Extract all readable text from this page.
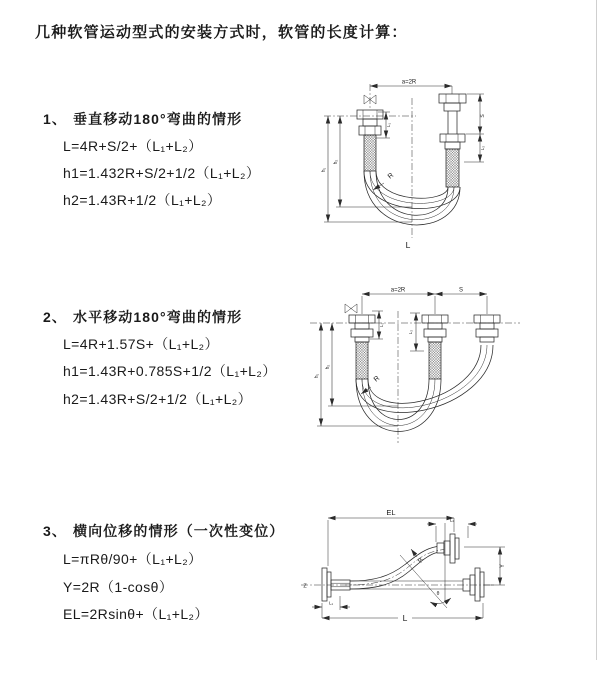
几种软管运动型式的安装方式时，软管的长度计算：
1、 垂直移动180°弯曲的情形
L=4R+S/2+（L₁+L₂）
h1=1.432R+S/2+1/2（L₁+L₂）
h2=1.43R+1/2（L₁+L₂）
2、 水平移动180°弯曲的情形
L=4R+1.57S+（L₁+L₂）
h1=1.43R+0.785S+1/2（L₁+L₂）
h2=1.43R+S/2+1/2（L₁+L₂）
3、 横向位移的情形（一次性变位）
L=πRθ/90+（L₁+L₂）
Y=2R（1-cosθ）
EL=2Rsinθ+（L₁+L₂）
a=2R
S
L₂
L₁
h₁
h₂
R
L
a=2R	S
L₁
L₂
h₁
h₂
R
Z
EL
L₂
θ
R
Y
L₁
L
